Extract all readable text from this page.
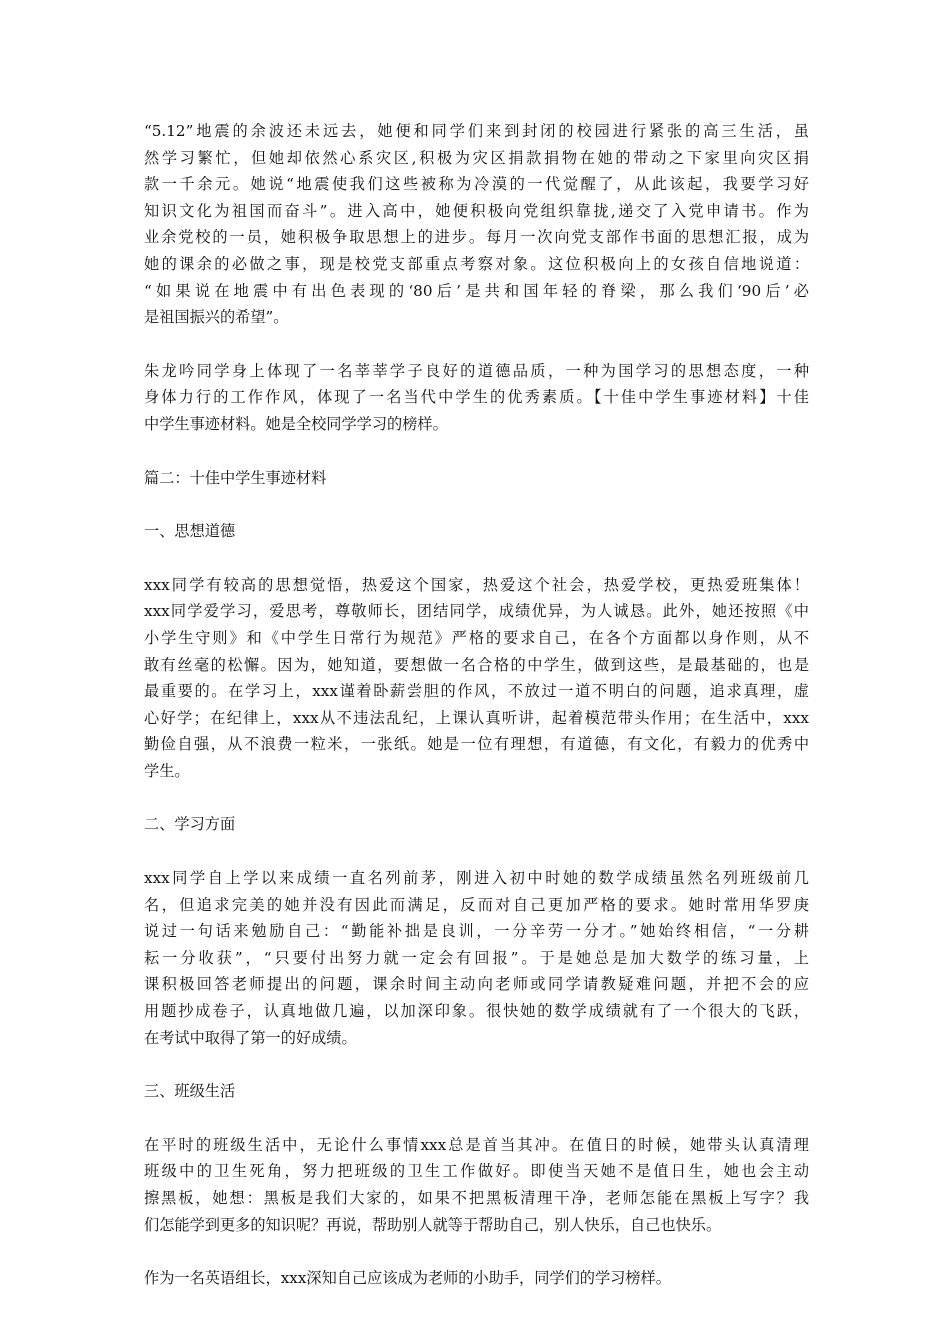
“5.12”地震的余波还未远去，她便和同学们来到封闭的校园进行紧张的高三生活，虽
然学习繁忙，但她却依然心系灾区,积极为灾区捐款捐物在她的带动之下家里向灾区捐
款一千余元。她说“地震使我们这些被称为冷漠的一代觉醒了，从此该起，我要学习好
知识文化为祖国而奋斗”。进入高中，她便积极向党组织靠拢,递交了入党申请书。作为
业余党校的一员，她积极争取思想上的进步。每月一次向党支部作书面的思想汇报，成为
她的课余的必做之事，现是校党支部重点考察对象。这位积极向上的女孩自信地说道：
“如果说在地震中有出色表现的‘80后’是共和国年轻的脊梁，那么我们‘90后’必
是祖国振兴的希望”。
朱龙吟同学身上体现了一名莘莘学子良好的道德品质，一种为国学习的思想态度，一种
身体力行的工作作风，体现了一名当代中学生的优秀素质。【十佳中学生事迹材料】十佳
中学生事迹材料。她是全校同学学习的榜样。
篇二：十佳中学生事迹材料
一、思想道德
xxx同学有较高的思想觉悟，热爱这个国家，热爱这个社会，热爱学校，更热爱班集体！
xxx同学爱学习，爱思考，尊敬师长，团结同学，成绩优异，为人诚恳。此外，她还按照《中
小学生守则》和《中学生日常行为规范》严格的要求自己，在各个方面都以身作则，从不
敢有丝毫的松懈。因为，她知道，要想做一名合格的中学生，做到这些，是最基础的，也是
最重要的。在学习上，xxx谨着卧薪尝胆的作风，不放过一道不明白的问题，追求真理，虚
心好学；在纪律上，xxx从不违法乱纪，上课认真听讲，起着模范带头作用；在生活中，xxx
勤俭自强，从不浪费一粒米，一张纸。她是一位有理想，有道德，有文化，有毅力的优秀中
学生。
二、学习方面
xxx同学自上学以来成绩一直名列前茅，刚进入初中时她的数学成绩虽然名列班级前几
名，但追求完美的她并没有因此而满足，反而对自己更加严格的要求。她时常用华罗庚
说过一句话来勉励自己：“勤能补拙是良训，一分辛劳一分才。”她始终相信，“一分耕
耘一分收获”，“只要付出努力就一定会有回报”。于是她总是加大数学的练习量，上
课积极回答老师提出的问题，课余时间主动向老师或同学请教疑难问题，并把不会的应
用题抄成卷子，认真地做几遍，以加深印象。很快她的数学成绩就有了一个很大的飞跃，
在考试中取得了第一的好成绩。
三、班级生活
在平时的班级生活中，无论什么事情xxx总是首当其冲。在值日的时候，她带头认真清理
班级中的卫生死角，努力把班级的卫生工作做好。即使当天她不是值日生，她也会主动
擦黑板，她想：黑板是我们大家的，如果不把黑板清理干净，老师怎能在黑板上写字？我
们怎能学到更多的知识呢？再说，帮助别人就等于帮助自己，别人快乐，自己也快乐。
作为一名英语组长，xxx深知自己应该成为老师的小助手，同学们的学习榜样。
